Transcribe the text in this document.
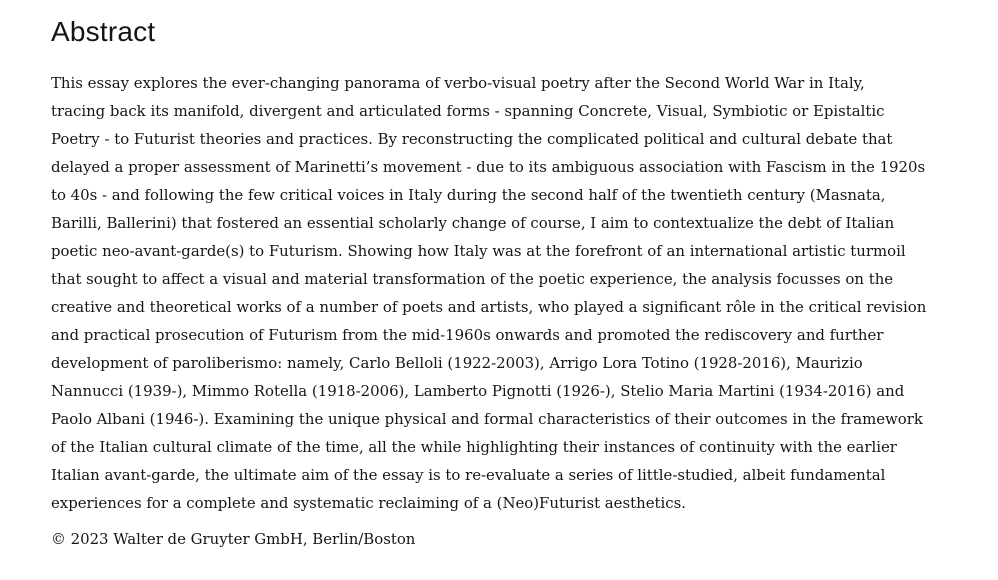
Abstract

This essay explores the ever-changing panorama of verbo-visual poetry after the Second World War in Italy,
tracing back its manifold, divergent and articulated forms - spanning Concrete, Visual, Symbiotic or Epistaltic
Poetry - to Futurist theories and practices. By reconstructing the complicated political and cultural debate that
delayed a proper assessment of Marinetti’s movement - due to its ambiguous association with Fascism in the 1920s
to 40s - and following the few critical voices in Italy during the second half of the twentieth century (Masnata,
Barilli, Ballerini) that fostered an essential scholarly change of course, I aim to contextualize the debt of Italian
poetic neo-avant-garde(s) to Futurism. Showing how Italy was at the forefront of an international artistic turmoil
that sought to affect a visual and material transformation of the poetic experience, the analysis focusses on the
creative and theoretical works of a number of poets and artists, who played a significant rôle in the critical revision
and practical prosecution of Futurism from the mid-1960s onwards and promoted the rediscovery and further
development of paroliberismo: namely, Carlo Belloli (1922-2003), Arrigo Lora Totino (1928-2016), Maurizio
Nannucci (1939-), Mimmo Rotella (1918-2006), Lamberto Pignotti (1926-), Stelio Maria Martini (1934-2016) and
Paolo Albani (1946-). Examining the unique physical and formal characteristics of their outcomes in the framework
of the Italian cultural climate of the time, all the while highlighting their instances of continuity with the earlier
Italian avant-garde, the ultimate aim of the essay is to re-evaluate a series of little-studied, albeit fundamental
experiences for a complete and systematic reclaiming of a (Neo)Futurist aesthetics.

© 2023 Walter de Gruyter GmbH, Berlin/Boston
